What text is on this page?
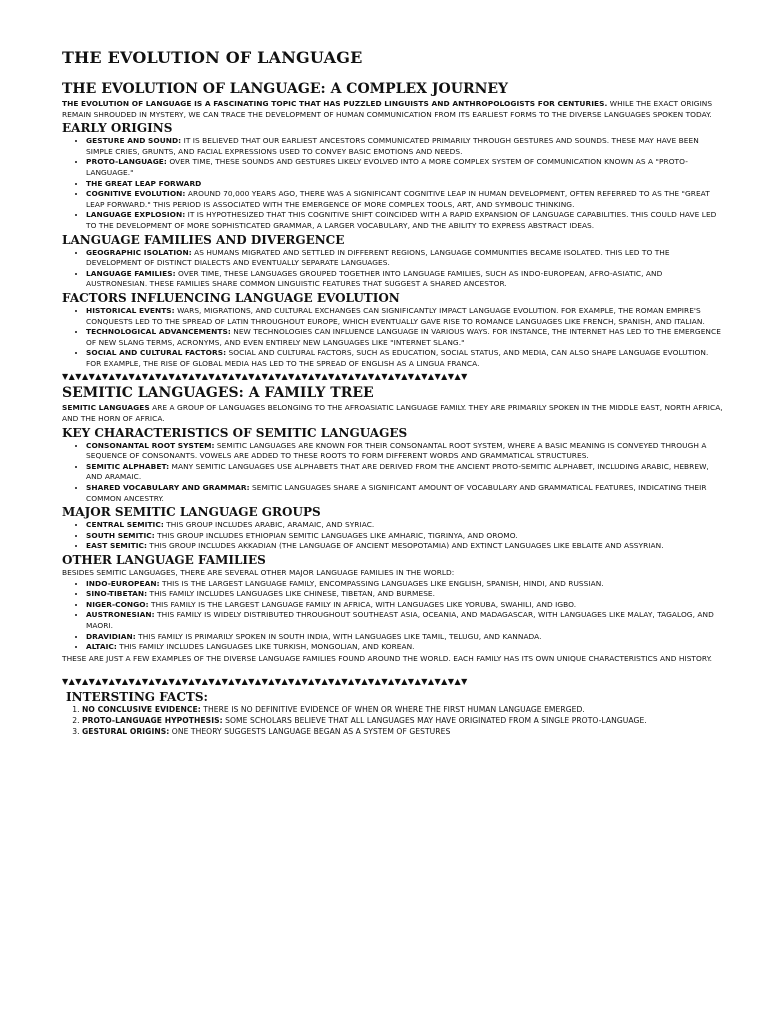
THE EVOLUTION OF LANGUAGE
THE EVOLUTION OF LANGUAGE: A COMPLEX JOURNEY

THE EVOLUTION OF LANGUAGE IS A FASCINATING TOPIC THAT HAS PUZZLED LINGUISTS AND ANTHROPOLOGISTS FOR CENTURIES. WHILE THE EXACT ORIGINS REMAIN SHROUDED IN MYSTERY, WE CAN TRACE THE DEVELOPMENT OF HUMAN COMMUNICATION FROM ITS EARLIEST FORMS TO THE DIVERSE LANGUAGES SPOKEN TODAY.

EARLY ORIGINS
• GESTURE AND SOUND: IT IS BELIEVED THAT OUR EARLIEST ANCESTORS COMMUNICATED PRIMARILY THROUGH GESTURES AND SOUNDS. THESE MAY HAVE BEEN SIMPLE CRIES, GRUNTS, AND FACIAL EXPRESSIONS USED TO CONVEY BASIC EMOTIONS AND NEEDS.
• PROTO-LANGUAGE: OVER TIME, THESE SOUNDS AND GESTURES LIKELY EVOLVED INTO A MORE COMPLEX SYSTEM OF COMMUNICATION KNOWN AS A "PROTO-LANGUAGE."
• THE GREAT LEAP FORWARD
• COGNITIVE EVOLUTION: AROUND 70,000 YEARS AGO, THERE WAS A SIGNIFICANT COGNITIVE LEAP IN HUMAN DEVELOPMENT, OFTEN REFERRED TO AS THE "GREAT LEAP FORWARD." THIS PERIOD IS ASSOCIATED WITH THE EMERGENCE OF MORE COMPLEX TOOLS, ART, AND SYMBOLIC THINKING.
• LANGUAGE EXPLOSION: IT IS HYPOTHESIZED THAT THIS COGNITIVE SHIFT COINCIDED WITH A RAPID EXPANSION OF LANGUAGE CAPABILITIES. THIS COULD HAVE LED TO THE DEVELOPMENT OF MORE SOPHISTICATED GRAMMAR, A LARGER VOCABULARY, AND THE ABILITY TO EXPRESS ABSTRACT IDEAS.
LANGUAGE FAMILIES AND DIVERGENCE
• GEOGRAPHIC ISOLATION: AS HUMANS MIGRATED AND SETTLED IN DIFFERENT REGIONS, LANGUAGE COMMUNITIES BECAME ISOLATED. THIS LED TO THE DEVELOPMENT OF DISTINCT DIALECTS AND EVENTUALLY SEPARATE LANGUAGES.
• LANGUAGE FAMILIES: OVER TIME, THESE LANGUAGES GROUPED TOGETHER INTO LANGUAGE FAMILIES, SUCH AS INDO-EUROPEAN, AFRO-ASIATIC, AND AUSTRONESIAN. THESE FAMILIES SHARE COMMON LINGUISTIC FEATURES THAT SUGGEST A SHARED ANCESTOR.
FACTORS INFLUENCING LANGUAGE EVOLUTION
• HISTORICAL EVENTS: WARS, MIGRATIONS, AND CULTURAL EXCHANGES CAN SIGNIFICANTLY IMPACT LANGUAGE EVOLUTION. FOR EXAMPLE, THE ROMAN EMPIRE'S CONQUESTS LED TO THE SPREAD OF LATIN THROUGHOUT EUROPE, WHICH EVENTUALLY GAVE RISE TO ROMANCE LANGUAGES LIKE FRENCH, SPANISH, AND ITALIAN.
• TECHNOLOGICAL ADVANCEMENTS: NEW TECHNOLOGIES CAN INFLUENCE LANGUAGE IN VARIOUS WAYS. FOR INSTANCE, THE INTERNET HAS LED TO THE EMERGENCE OF NEW SLANG TERMS, ACRONYMS, AND EVEN ENTIRELY NEW LANGUAGES LIKE "INTERNET SLANG."
• SOCIAL AND CULTURAL FACTORS: SOCIAL AND CULTURAL FACTORS, SUCH AS EDUCATION, SOCIAL STATUS, AND MEDIA, CAN ALSO SHAPE LANGUAGE EVOLUTION. FOR EXAMPLE, THE RISE OF GLOBAL MEDIA HAS LED TO THE SPREAD OF ENGLISH AS A LINGUA FRANCA.
▼▲▼▲▼▲▼▲▼▲▼▲▼▲▼▲▼▲▼▲▼▲▼▲▼▲▼▲▼▲▼▲▼▲▼▲▼▲▼▲▼▲▼▲▼▲▼▲▼▲▼▲▼▲▼▲▼▲▼▲▼
SEMITIC LANGUAGES: A FAMILY TREE

SEMITIC LANGUAGES ARE A GROUP OF LANGUAGES BELONGING TO THE AFROASIATIC LANGUAGE FAMILY. THEY ARE PRIMARILY SPOKEN IN THE MIDDLE EAST, NORTH AFRICA, AND THE HORN OF AFRICA.

KEY CHARACTERISTICS OF SEMITIC LANGUAGES
• CONSONANTAL ROOT SYSTEM: SEMITIC LANGUAGES ARE KNOWN FOR THEIR CONSONANTAL ROOT SYSTEM, WHERE A BASIC MEANING IS CONVEYED THROUGH A SEQUENCE OF CONSONANTS. VOWELS ARE ADDED TO THESE ROOTS TO FORM DIFFERENT WORDS AND GRAMMATICAL STRUCTURES.
• SEMITIC ALPHABET: MANY SEMITIC LANGUAGES USE ALPHABETS THAT ARE DERIVED FROM THE ANCIENT PROTO-SEMITIC ALPHABET, INCLUDING ARABIC, HEBREW, AND ARAMAIC.
• SHARED VOCABULARY AND GRAMMAR: SEMITIC LANGUAGES SHARE A SIGNIFICANT AMOUNT OF VOCABULARY AND GRAMMATICAL FEATURES, INDICATING THEIR COMMON ANCESTRY.
MAJOR SEMITIC LANGUAGE GROUPS
• CENTRAL SEMITIC: THIS GROUP INCLUDES ARABIC, ARAMAIC, AND SYRIAC.
• SOUTH SEMITIC: THIS GROUP INCLUDES ETHIOPIAN SEMITIC LANGUAGES LIKE AMHARIC, TIGRINYA, AND OROMO.
• EAST SEMITIC: THIS GROUP INCLUDES AKKADIAN (THE LANGUAGE OF ANCIENT MESOPOTAMIA) AND EXTINCT LANGUAGES LIKE EBLAITE AND ASSYRIAN.
OTHER LANGUAGE FAMILIES

BESIDES SEMITIC LANGUAGES, THERE ARE SEVERAL OTHER MAJOR LANGUAGE FAMILIES IN THE WORLD:

• INDO-EUROPEAN: THIS IS THE LARGEST LANGUAGE FAMILY, ENCOMPASSING LANGUAGES LIKE ENGLISH, SPANISH, HINDI, AND RUSSIAN.
• SINO-TIBETAN: THIS FAMILY INCLUDES LANGUAGES LIKE CHINESE, TIBETAN, AND BURMESE.
• NIGER-CONGO: THIS FAMILY IS THE LARGEST LANGUAGE FAMILY IN AFRICA, WITH LANGUAGES LIKE YORUBA, SWAHILI, AND IGBO.
• AUSTRONESIAN: THIS FAMILY IS WIDELY DISTRIBUTED THROUGHOUT SOUTHEAST ASIA, OCEANIA, AND MADAGASCAR, WITH LANGUAGES LIKE MALAY, TAGALOG, AND MAORI.
• DRAVIDIAN: THIS FAMILY IS PRIMARILY SPOKEN IN SOUTH INDIA, WITH LANGUAGES LIKE TAMIL, TELUGU, AND KANNADA.
• ALTAIC: THIS FAMILY INCLUDES LANGUAGES LIKE TURKISH, MONGOLIAN, AND KOREAN.

THESE ARE JUST A FEW EXAMPLES OF THE DIVERSE LANGUAGE FAMILIES FOUND AROUND THE WORLD. EACH FAMILY HAS ITS OWN UNIQUE CHARACTERISTICS AND HISTORY.

▼▲▼▲▼▲▼▲▼▲▼▲▼▲▼▲▼▲▼▲▼▲▼▲▼▲▼▲▼▲▼▲▼▲▼▲▼▲▼▲▼▲▼▲▼▲▼▲▼▲▼▲▼▲▼▲▼▲▼▲▼
INTERSTING FACTS:
1. NO CONCLUSIVE EVIDENCE: THERE IS NO DEFINITIVE EVIDENCE OF WHEN OR WHERE THE FIRST HUMAN LANGUAGE EMERGED.
2. PROTO-LANGUAGE HYPOTHESIS: SOME SCHOLARS BELIEVE THAT ALL LANGUAGES MAY HAVE ORIGINATED FROM A SINGLE PROTO-LANGUAGE.
3. GESTURAL ORIGINS: ONE THEORY SUGGESTS LANGUAGE BEGAN AS A SYSTEM OF GESTURES
